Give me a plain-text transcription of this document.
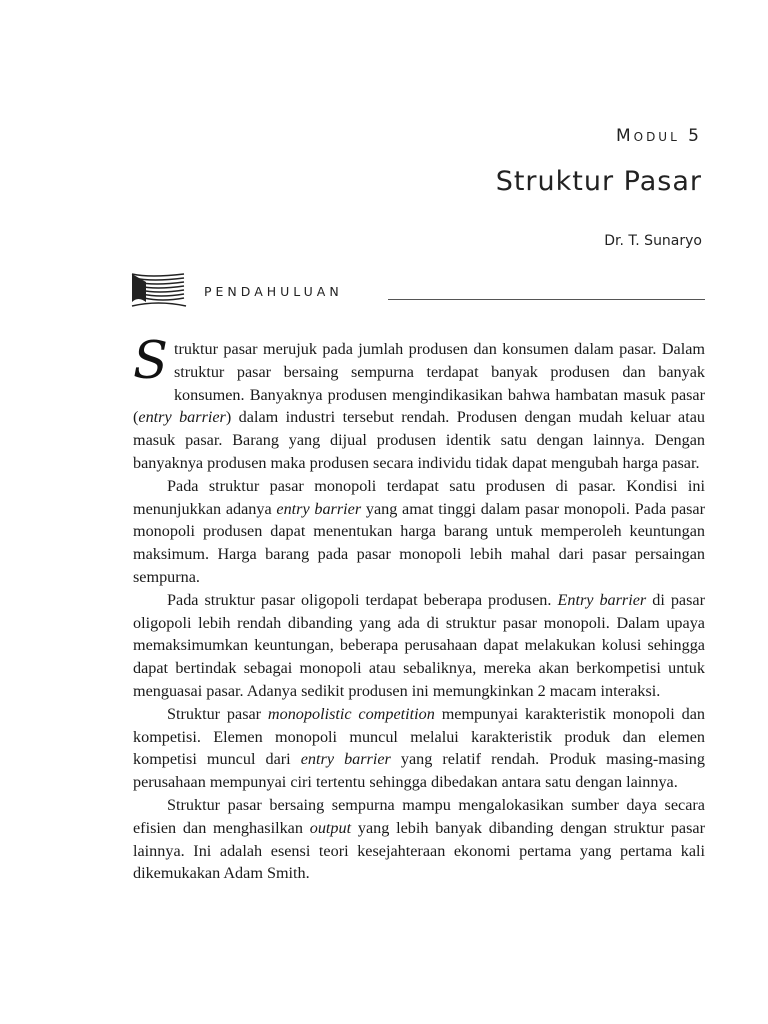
Modul 5
Struktur Pasar
Dr. T. Sunaryo
PENDAHULUAN

Struktur pasar merujuk pada jumlah produsen dan konsumen dalam pasar. Dalam struktur pasar bersaing sempurna terdapat banyak produsen dan banyak konsumen. Banyaknya produsen mengindikasikan bahwa hambatan masuk pasar (entry barrier) dalam industri tersebut rendah. Produsen dengan mudah keluar atau masuk pasar. Barang yang dijual produsen identik satu dengan lainnya. Dengan banyaknya produsen maka produsen secara individu tidak dapat mengubah harga pasar.

Pada struktur pasar monopoli terdapat satu produsen di pasar. Kondisi ini menunjukkan adanya entry barrier yang amat tinggi dalam pasar monopoli. Pada pasar monopoli produsen dapat menentukan harga barang untuk memperoleh keuntungan maksimum. Harga barang pada pasar monopoli lebih mahal dari pasar persaingan sempurna.

Pada struktur pasar oligopoli terdapat beberapa produsen. Entry barrier di pasar oligopoli lebih rendah dibanding yang ada di struktur pasar monopoli. Dalam upaya memaksimumkan keuntungan, beberapa perusahaan dapat melakukan kolusi sehingga dapat bertindak sebagai monopoli atau sebaliknya, mereka akan berkompetisi untuk menguasai pasar. Adanya sedikit produsen ini memungkinkan 2 macam interaksi.

Struktur pasar monopolistic competition mempunyai karakteristik monopoli dan kompetisi. Elemen monopoli muncul melalui karakteristik produk dan elemen kompetisi muncul dari entry barrier yang relatif rendah. Produk masing-masing perusahaan mempunyai ciri tertentu sehingga dibedakan antara satu dengan lainnya.

Struktur pasar bersaing sempurna mampu mengalokasikan sumber daya secara efisien dan menghasilkan output yang lebih banyak dibanding dengan struktur pasar lainnya. Ini adalah esensi teori kesejahteraan ekonomi pertama yang pertama kali dikemukakan Adam Smith.
